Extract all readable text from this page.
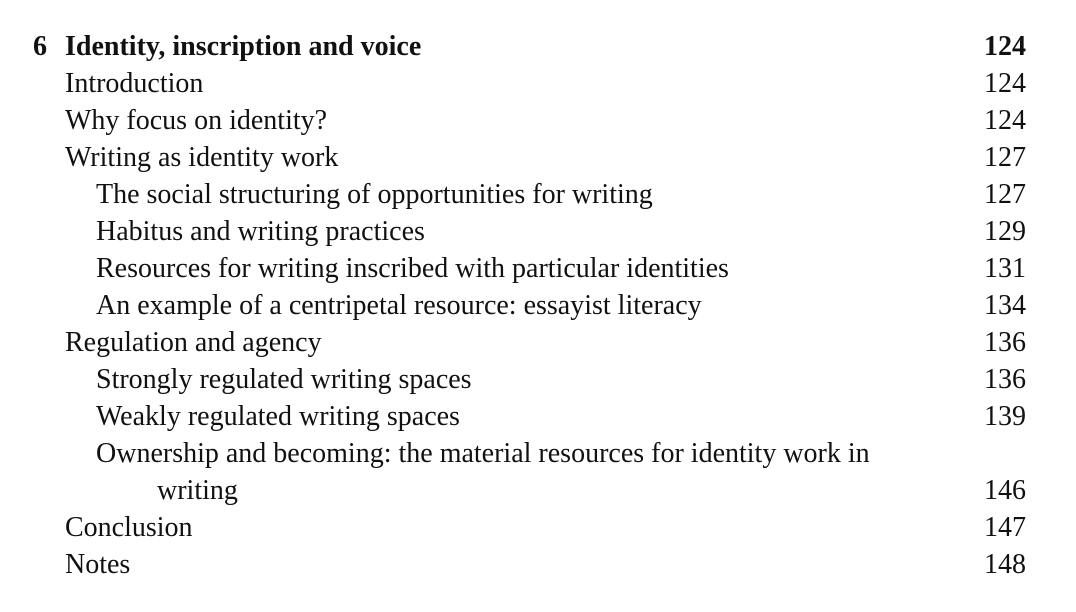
6 Identity, inscription and voice	124
Introduction	124
Why focus on identity?	124
Writing as identity work	127
The social structuring of opportunities for writing	127
Habitus and writing practices	129
Resources for writing inscribed with particular identities	131
An example of a centripetal resource: essayist literacy	134
Regulation and agency	136
Strongly regulated writing spaces	136
Weakly regulated writing spaces	139
Ownership and becoming: the material resources for identity work in
writing	146
Conclusion	147
Notes	148
